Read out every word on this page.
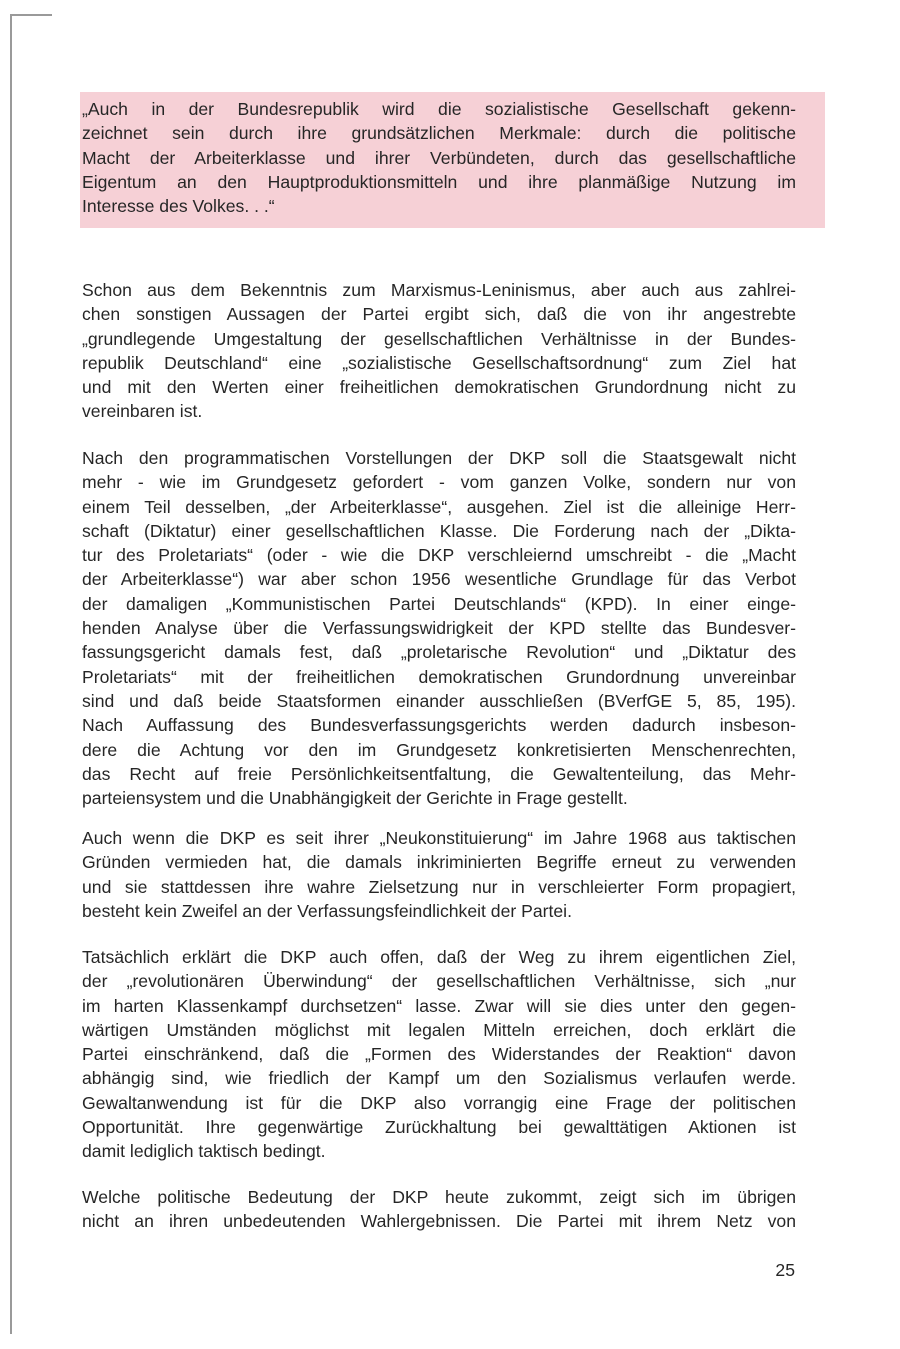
„Auch in der Bundesrepublik wird die sozialistische Gesellschaft gekenn-
zeichnet sein durch ihre grundsätzlichen Merkmale: durch die politische
Macht der Arbeiterklasse und ihrer Verbündeten, durch das gesellschaftliche
Eigentum an den Hauptproduktionsmitteln und ihre planmäßige Nutzung im
Interesse des Volkes. . .“
Schon aus dem Bekenntnis zum Marxismus-Leninismus, aber auch aus zahlrei-
chen sonstigen Aussagen der Partei ergibt sich, daß die von ihr angestrebte
„grundlegende Umgestaltung der gesellschaftlichen Verhältnisse in der Bundes-
republik Deutschland“ eine „sozialistische Gesellschaftsordnung“ zum Ziel hat
und mit den Werten einer freiheitlichen demokratischen Grundordnung nicht zu
vereinbaren ist.
Nach den programmatischen Vorstellungen der DKP soll die Staatsgewalt nicht
mehr - wie im Grundgesetz gefordert - vom ganzen Volke, sondern nur von
einem Teil desselben, „der Arbeiterklasse“, ausgehen. Ziel ist die alleinige Herr-
schaft (Diktatur) einer gesellschaftlichen Klasse. Die Forderung nach der „Dikta-
tur des Proletariats“ (oder - wie die DKP verschleiernd umschreibt - die „Macht
der Arbeiterklasse“) war aber schon 1956 wesentliche Grundlage für das Verbot
der damaligen „Kommunistischen Partei Deutschlands“ (KPD). In einer einge-
henden Analyse über die Verfassungswidrigkeit der KPD stellte das Bundesver-
fassungsgericht damals fest, daß „proletarische Revolution“ und „Diktatur des
Proletariats“ mit der freiheitlichen demokratischen Grundordnung unvereinbar
sind und daß beide Staatsformen einander ausschließen (BVerfGE 5, 85, 195).
Nach Auffassung des Bundesverfassungsgerichts werden dadurch insbeson-
dere die Achtung vor den im Grundgesetz konkretisierten Menschenrechten,
das Recht auf freie Persönlichkeitsentfaltung, die Gewaltenteilung, das Mehr-
parteiensystem und die Unabhängigkeit der Gerichte in Frage gestellt.
Auch wenn die DKP es seit ihrer „Neukonstituierung“ im Jahre 1968 aus taktischen
Gründen vermieden hat, die damals inkriminierten Begriffe erneut zu verwenden
und sie stattdessen ihre wahre Zielsetzung nur in verschleierter Form propagiert,
besteht kein Zweifel an der Verfassungsfeindlichkeit der Partei.
Tatsächlich erklärt die DKP auch offen, daß der Weg zu ihrem eigentlichen Ziel,
der „revolutionären Überwindung“ der gesellschaftlichen Verhältnisse, sich „nur
im harten Klassenkampf durchsetzen“ lasse. Zwar will sie dies unter den gegen-
wärtigen Umständen möglichst mit legalen Mitteln erreichen, doch erklärt die
Partei einschränkend, daß die „Formen des Widerstandes der Reaktion“ davon
abhängig sind, wie friedlich der Kampf um den Sozialismus verlaufen werde.
Gewaltanwendung ist für die DKP also vorrangig eine Frage der politischen
Opportunität. Ihre gegenwärtige Zurückhaltung bei gewalttätigen Aktionen ist
damit lediglich taktisch bedingt.
Welche politische Bedeutung der DKP heute zukommt, zeigt sich im übrigen
nicht an ihren unbedeutenden Wahlergebnissen. Die Partei mit ihrem Netz von
25
